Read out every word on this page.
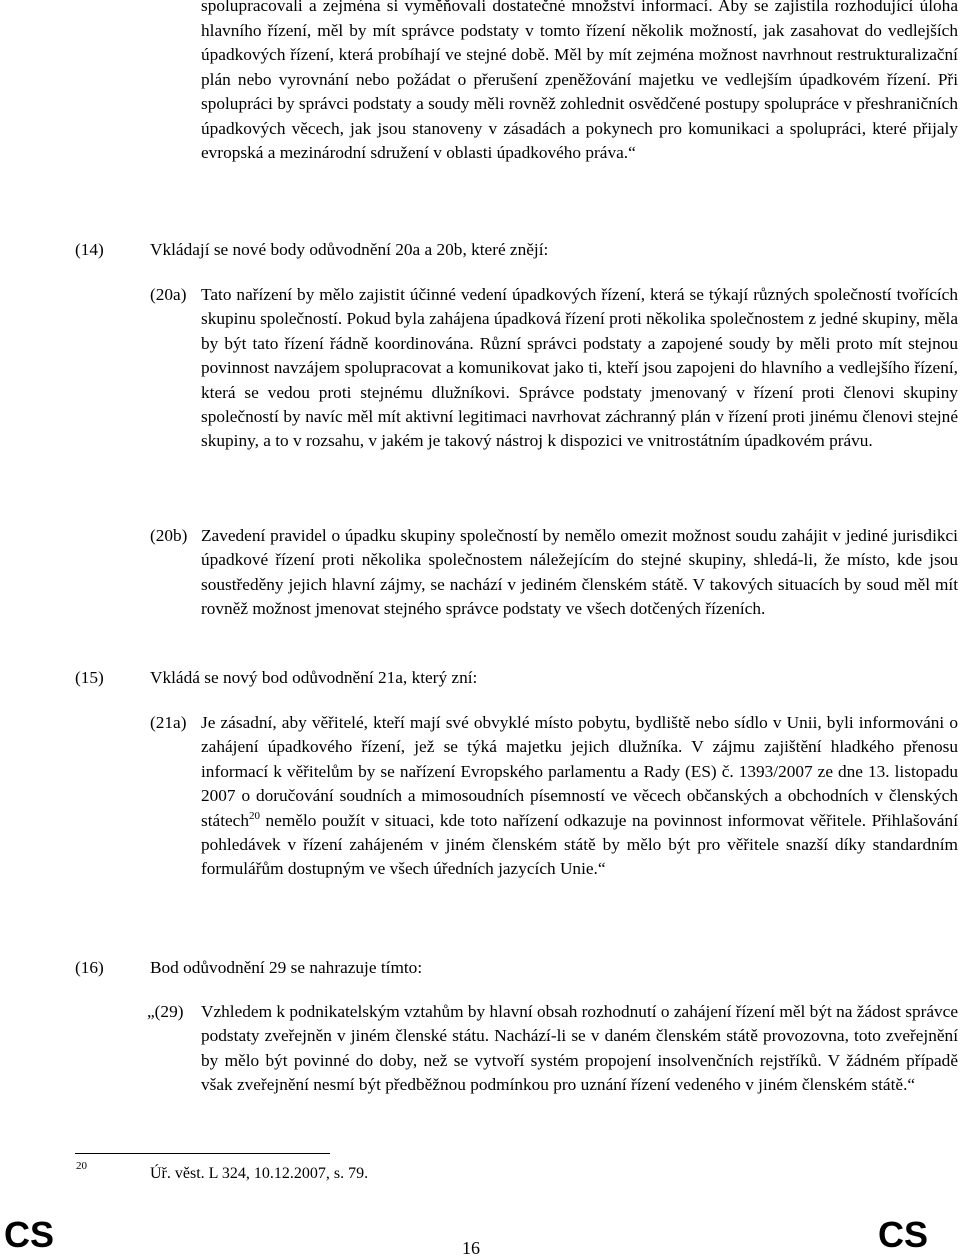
spolupracovali a zejména si vyměňovali dostatečné množství informací. Aby se zajistila rozhodující úloha hlavního řízení, měl by mít správce podstaty v tomto řízení několik možností, jak zasahovat do vedlejších úpadkových řízení, která probíhají ve stejné době. Měl by mít zejména možnost navrhnout restrukturalizační plán nebo vyrovnání nebo požádat o přerušení zpeněžování majetku ve vedlejším úpadkovém řízení. Při spolupráci by správci podstaty a soudy měli rovněž zohlednit osvědčené postupy spolupráce v přeshraničních úpadkových věcech, jak jsou stanoveny v zásadách a pokynech pro komunikaci a spolupráci, které přijaly evropská a mezinárodní sdružení v oblasti úpadkového práva.“

(14)	Vkládají se nové body odůvodnění 20a a 20b, které znějí:

(20a) Tato nařízení by mělo zajistit účinné vedení úpadkových řízení, která se týkají různých společností tvořících skupinu společností. Pokud byla zahájena úpadková řízení proti několika společnostem z jedné skupiny, měla by být tato řízení řádně koordinována. Různí správci podstaty a zapojené soudy by měli proto mít stejnou povinnost navzájem spolupracovat a komunikovat jako ti, kteří jsou zapojeni do hlavního a vedlejšího řízení, která se vedou proti stejnému dlužníkovi. Správce podstaty jmenovaný v řízení proti členovi skupiny společností by navíc měl mít aktivní legitimaci navrhovat záchranný plán v řízení proti jinému členovi stejné skupiny, a to v rozsahu, v jakém je takový nástroj k dispozici ve vnitrostátním úpadkovém právu.
(20b) Zavedení pravidel o úpadku skupiny společností by nemělo omezit možnost soudu zahájit v jediné jurisdikci úpadkové řízení proti několika společnostem náležejícím do stejné skupiny, shledá-li, že místo, kde jsou soustředěny jejich hlavní zájmy, se nachází v jediném členském státě. V takových situacích by soud měl mít rovněž možnost jmenovat stejného správce podstaty ve všech dotčených řízeních.

(15)	Vkládá se nový bod odůvodnění 21a, který zní:

(21a) Je zásadní, aby věřitelé, kteří mají své obvyklé místo pobytu, bydliště nebo sídlo v Unii, byli informováni o zahájení úpadkového řízení, jež se týká majetku jejich dlužníka. V zájmu zajištění hladkého přenosu informací k věřitelům by se nařízení Evropského parlamentu a Rady (ES) č. 1393/2007 ze dne 13. listopadu 2007 o doručování soudních a mimosoudních písemností ve věcech občanských a obchodních v členských státech$^{20}$ nemělo použít v situaci, kde toto nařízení odkazuje na povinnost informovat věřitele. Přihlašování pohledávek v řízení zahájeném v jiném členském státě by mělo být pro věřitele snazší díky standardním formulářům dostupným ve všech úředních jazycích Unie.“

(16)	Bod odůvodnění 29 se nahrazuje tímto:

„(29) Vzhledem k podnikatelským vztahům by hlavní obsah rozhodnutí o zahájení řízení měl být na žádost správce podstaty zveřejněn v jiném členské státu. Nachází-li se v daném členském státě provozovna, toto zveřejnění by mělo být povinné do doby, než se vytvoří systém propojení insolvenčních rejstříků. V žádném případě však zveřejnění nesmí být předběžnou podmínkou pro uznání řízení vedeného v jiném členském státě.“
20	Úř. věst. L 324, 10.12.2007, s. 79.
CS	16	CS
